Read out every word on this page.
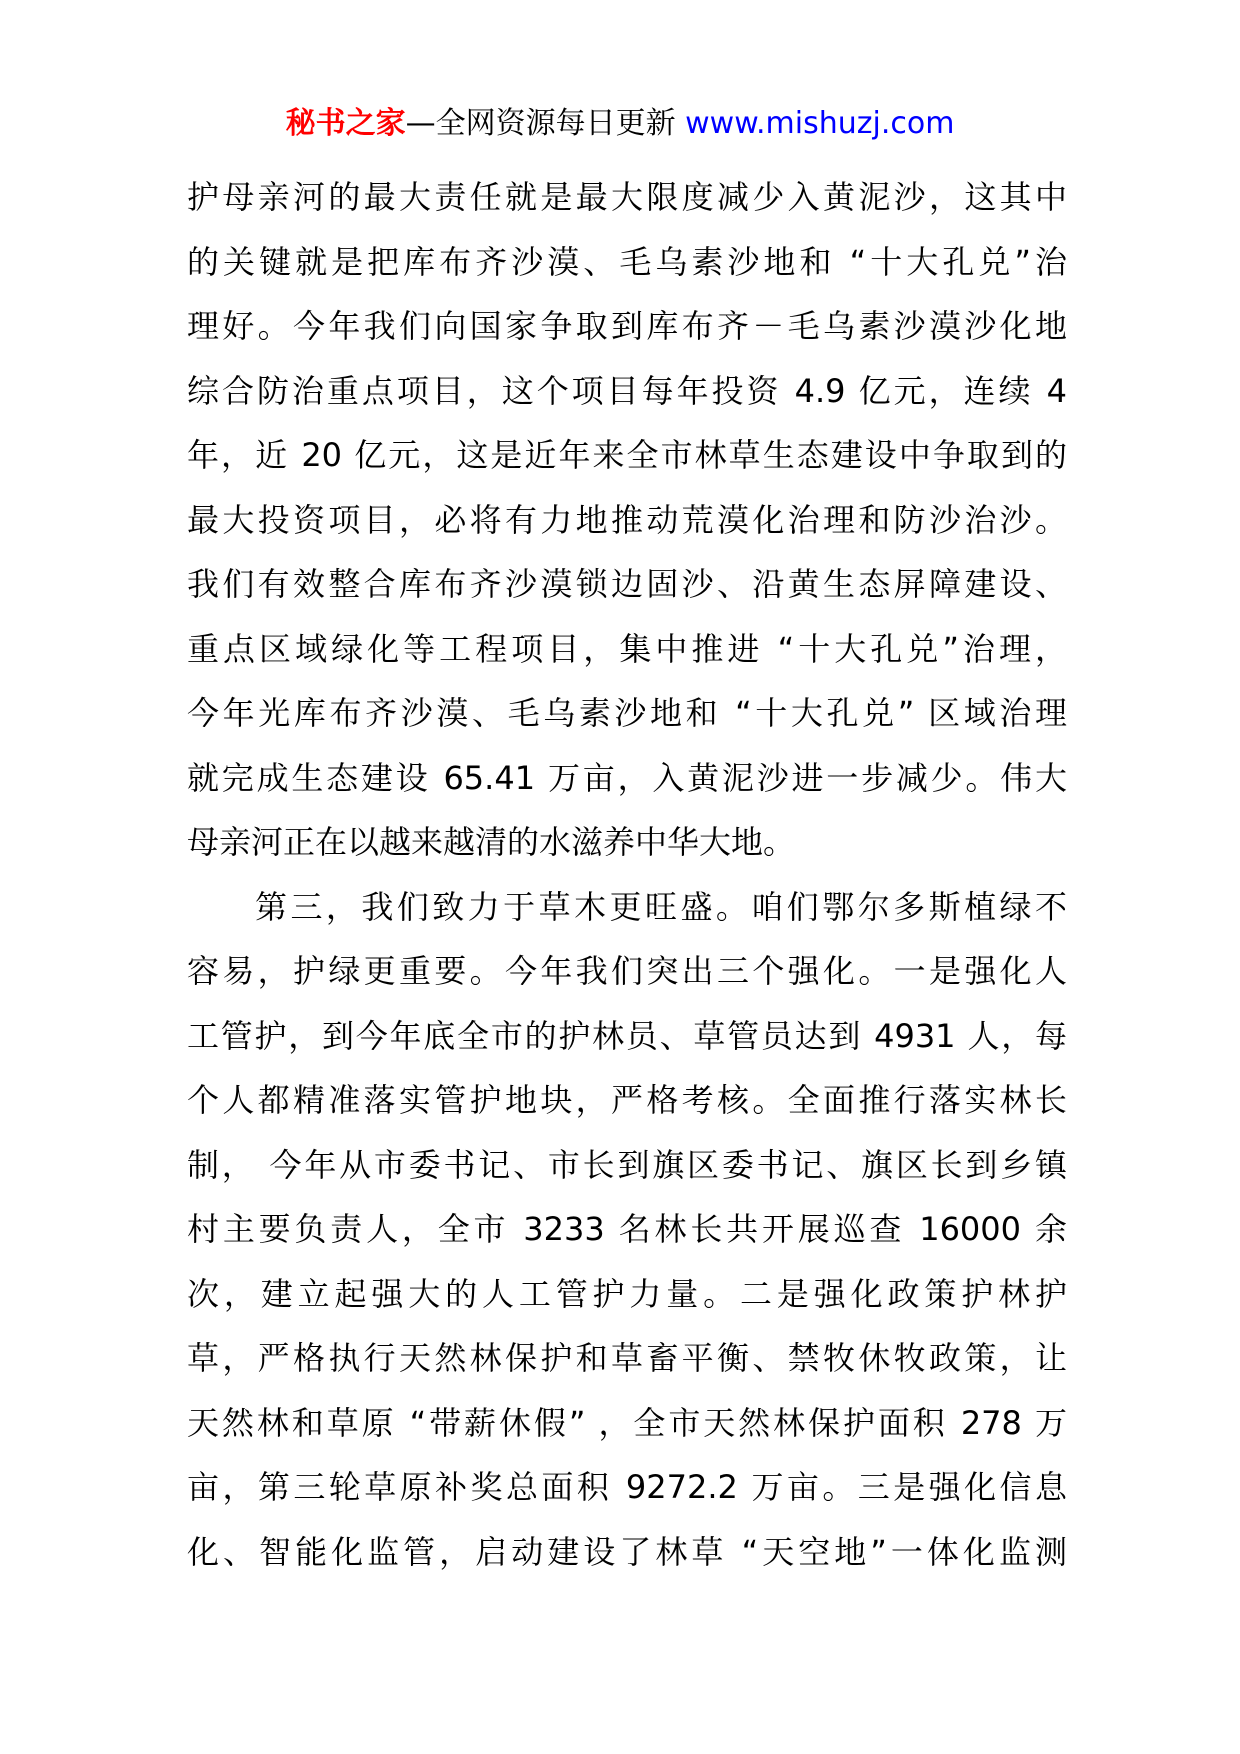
秘书之家—全网资源每日更新 www.mishuzj.com
护母亲河的最大责任就是最大限度减少入黄泥沙，这其中
的关键就是把库布齐沙漠、毛乌素沙地和 “十大孔兑”治
理好。今年我们向国家争取到库布齐－毛乌素沙漠沙化地
综合防治重点项目，这个项目每年投资 4.9 亿元，连续 4
年，近 20 亿元，这是近年来全市林草生态建设中争取到的
最大投资项目，必将有力地推动荒漠化治理和防沙治沙。
我们有效整合库布齐沙漠锁边固沙、沿黄生态屏障建设、
重点区域绿化等工程项目，集中推进 “十大孔兑”治理，
今年光库布齐沙漠、毛乌素沙地和 “十大孔兑” 区域治理
就完成生态建设 65.41 万亩，入黄泥沙进一步减少。伟大
母亲河正在以越来越清的水滋养中华大地。
第三，我们致力于草木更旺盛。咱们鄂尔多斯植绿不
容易，护绿更重要。今年我们突出三个强化。一是强化人
工管护，到今年底全市的护林员、草管员达到 4931 人，每
个人都精准落实管护地块，严格考核。全面推行落实林长
制， 今年从市委书记、市长到旗区委书记、旗区长到乡镇
村主要负责人，全市 3233 名林长共开展巡查 16000 余
次，建立起强大的人工管护力量。二是强化政策护林护
草，严格执行天然林保护和草畜平衡、禁牧休牧政策，让
天然林和草原 “带薪休假” ，全市天然林保护面积 278 万
亩，第三轮草原补奖总面积 9272.2 万亩。三是强化信息
化、智能化监管，启动建设了林草 “天空地”一体化监测
